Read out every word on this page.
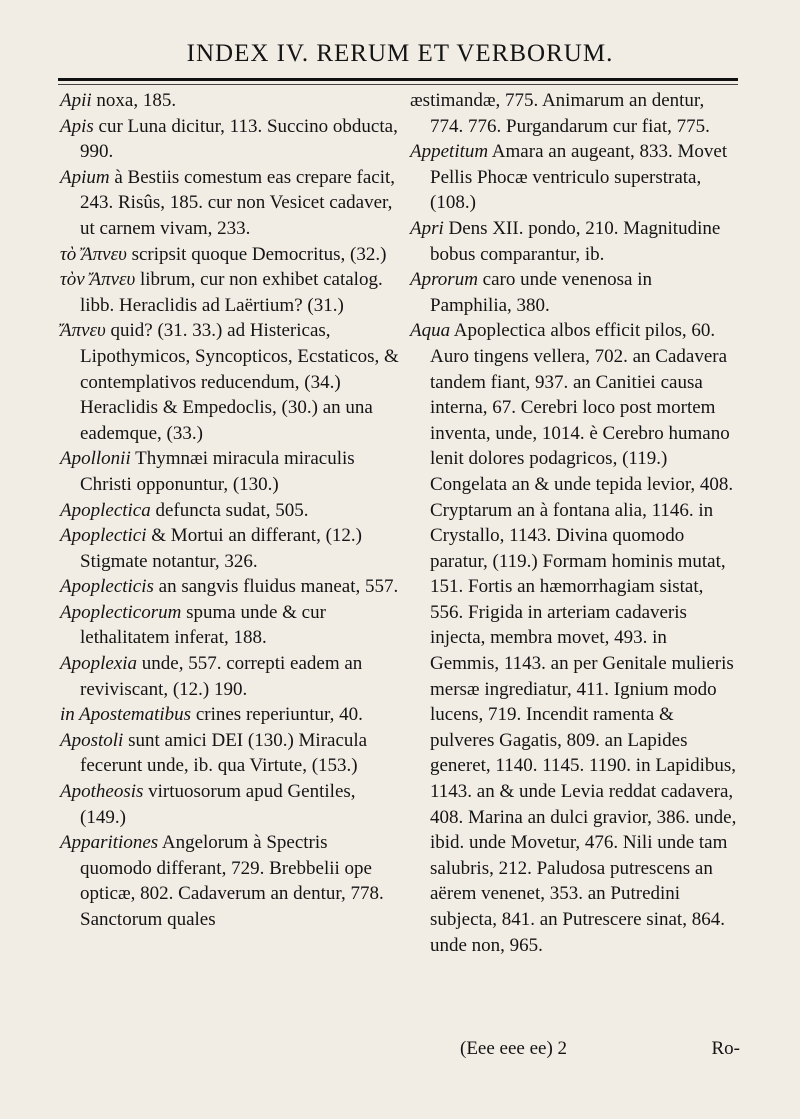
INDEX IV. RERUM ET VERBORUM.

Apii noxa, 185.

Apis cur Luna dicitur, 113. Succino obducta, 990.

Apium à Bestiis comestum eas crepare facit, 243. Risûs, 185. cur non Vesicet cadaver, ut carnem vivam, 233.

τὸ Ἄπνευ scripsit quoque Democritus, (32.)

τὸν Ἄπνευ librum, cur non exhibet catalog. libb. Heraclidis ad Laërtium? (31.)

Ἄπνευ quid? (31. 33.) ad Histericas, Lipothymicos, Syncopticos, Ecstaticos, & contemplativos reducendum, (34.) Heraclidis & Empedoclis, (30.) an una eademque, (33.)

Apollonii Thymnæi miracula miraculis Christi opponuntur, (130.)

Apoplectica defuncta sudat, 505.

Apoplectici & Mortui an differant, (12.) Stigmate notantur, 326.

Apoplecticis an sangvis fluidus maneat, 557.

Apoplecticorum spuma unde & cur lethalitatem inferat, 188.

Apoplexia unde, 557. correpti eadem an reviviscant, (12.) 190.

in Apostematibus crines reperiuntur, 40.

Apostoli sunt amici DEI (130.) Miracula fecerunt unde, ib. qua Virtute, (153.)

Apotheosis virtuosorum apud Gentiles, (149.)

Apparitiones Angelorum à Spectris quomodo differant, 729. Brebbelii ope opticæ, 802. Cadaverum an dentur, 778. Sanctorum quales

æstimandæ, 775. Animarum an dentur, 774. 776. Purgandarum cur fiat, 775.

Appetitum Amara an augeant, 833. Movet Pellis Phocæ ventriculo superstrata, (108.)

Apri Dens XII. pondo, 210. Magnitudine bobus comparantur, ib.

Aprorum caro unde venenosa in Pamphilia, 380.

Aqua Apoplectica albos efficit pilos, 60. Auro tingens vellera, 702. an Cadavera tandem fiant, 937. an Canitiei causa interna, 67. Cerebri loco post mortem inventa, unde, 1014. è Cerebro humano lenit dolores podagricos, (119.) Congelata an & unde tepida levior, 408. Cryptarum an à fontana alia, 1146. in Crystallo, 1143. Divina quomodo paratur, (119.) Formam hominis mutat, 151. Fortis an hæmorrhagiam sistat, 556. Frigida in arteriam cadaveris injecta, membra movet, 493. in Gemmis, 1143. an per Genitale mulieris mersæ ingrediatur, 411. Ignium modo lucens, 719. Incendit ramenta & pulveres Gagatis, 809. an Lapides generet, 1140. 1145. 1190. in Lapidibus, 1143. an & unde Levia reddat cadavera, 408. Marina an dulci gravior, 386. unde, ibid. unde Movetur, 476. Nili unde tam salubris, 212. Paludosa putrescens an aërem venenet, 353. an Putredini subjecta, 841. an Putrescere sinat, 864. unde non, 965.

(Eee eee ee) 2	Ro-
